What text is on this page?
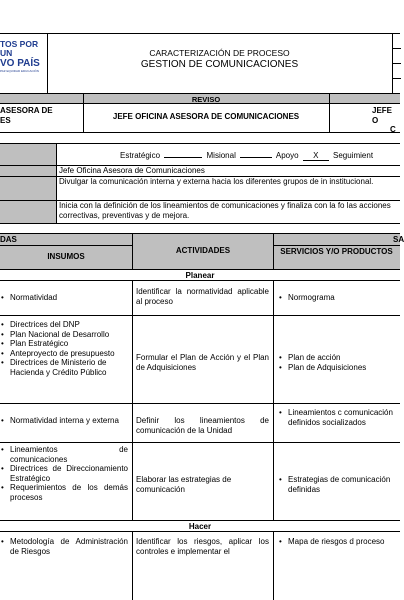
TOS POR UN
VO PAÍS
PAZ EQUIDAD EDUCACIÓN
CARACTERIZACIÓN DE PROCESO
GESTION DE COMUNICACIONES
REVISO
ASESORA DE
ES	JEFE OFICINA ASESORA DE COMUNICACIONES
JEFE O
C
Estratégico	Misional	Apoyo X Seguimient
Jefe Oficina Asesora de Comunicaciones
Divulgar la comunicación interna y externa hacia los diferentes grupos de in institucional.
Inicia con la definición de los lineamientos de comunicaciones y finaliza con la fo las acciones correctivas, preventivas y de mejora.
DAS	SA
INSUMOS
ACTIVIDADES	SERVICIOS Y/O PRODUCTOS
Planear
Hacer
• Normatividad
Identificar la normatividad aplicable al proceso
•	Normograma
• Directrices del DNP
• Plan Nacional de Desarrollo
• Plan Estratégico
• Anteproyecto de presupuesto
• Directrices de Ministerio de Hacienda y Crédito Público
Formular el Plan de Acción y el Plan de Adquisiciones
• Plan de acción
• Plan de Adquisiciones
• Normatividad interna y externa	Definir los lineamientos de comunicación de la Unidad
• Lineamientos c comunicación definidos socializados
• Lineamientos de comunicaciones
• Directrices de Direccionamiento Estratégico
• Requerimientos de los demás procesos
Elaborar las estrategias de comunicación
• Estrategias de comunicación definidas
• Metodología de Administración de Riesgos
Identificar los riesgos, aplicar los controles e implementar el
• Mapa de riesgos d proceso
